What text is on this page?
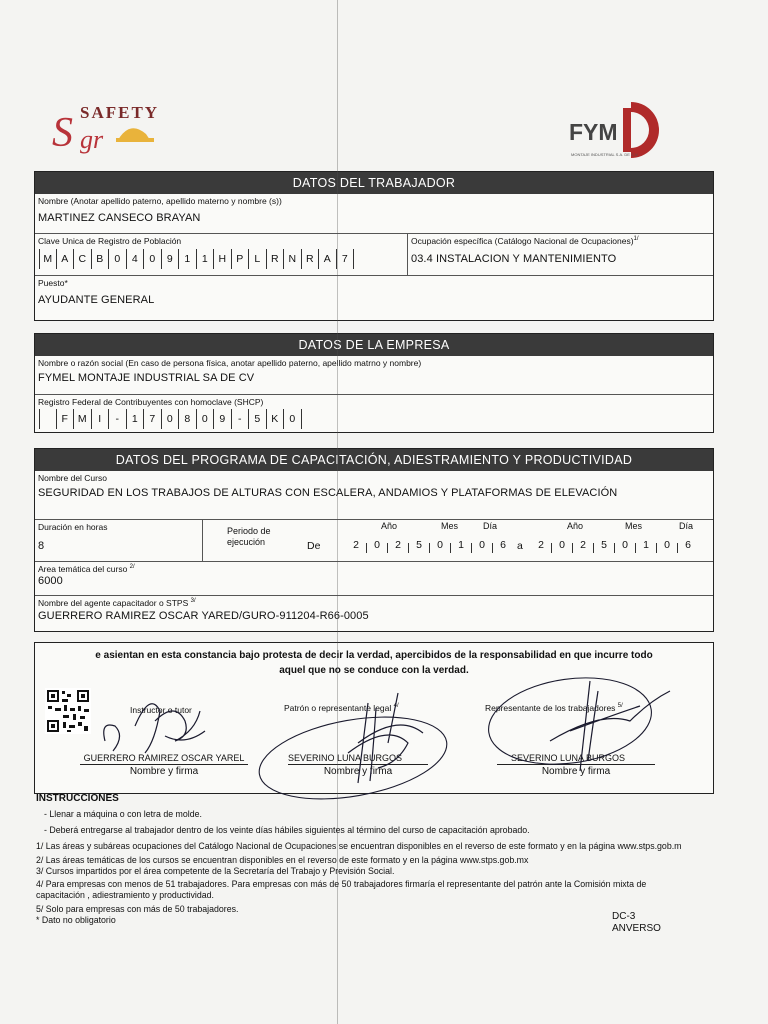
SAFETY
S gr	FYM
MONTAJE INDUSTRIAL S.A. DE C.V.
DATOS DEL TRABAJADOR
Nombre (Anotar apellido paterno, apellido materno y nombre (s))
MARTINEZ CANSECO BRAYAN
Clave Unica de Registro de Población
M A C B	0	4	0	9	1	1	H P	L	R N R A	7
Ocupación específica (Catálogo Nacional de Ocupaciones)$^{1/}$
03.4 INSTALACION Y MANTENIMIENTO
Puesto*
AYUDANTE GENERAL
DATOS DE LA EMPRESA
Nombre o razón social (En caso de persona física, anotar apellido paterno, apellido matrno y nombre)
FYMEL MONTAJE INDUSTRIAL SA DE CV
Registro Federal de Contribuyentes con homoclave (SHCP)
F M	I	-	1	7	0	8	0	9	-	5	K	0
DATOS DEL PROGRAMA DE CAPACITACIÓN, ADIESTRAMIENTO Y PRODUCTIVIDAD
Nombre del Curso
SEGURIDAD EN LOS TRABAJOS DE ALTURAS CON ESCALERA, ANDAMIOS Y PLATAFORMAS DE ELEVACIÓN
Duración en horas
8
Periodo de
ejecución	De
Año	Mes	Día
a
Año	Mes	Día
2	0	2	5	0	1	0	6	2	0	2	5	0	1	0	6
Area temática del curso $^{2/}$
6000
Nombre del agente capacitador o STPS $^{3/}$
GUERRERO RAMIREZ OSCAR YARED/GURO-911204-R66-0005
e asientan en esta constancia bajo protesta de decir la verdad, apercibidos de la responsabilidad en que incurre todo
aquel que no se conduce con la verdad.
Instructor o tutor	Patrón o representante legal $^{4/}$	Representante de los trabajadores $^{5/}$
GUERRERO RAMIREZ OSCAR YAREL	SEVERINO LUNA BURGOS	SEVERINO LUNA BURGOS
Nombre y firma	Nombre y firma	Nombre y firma
INSTRUCCIONES

- Llenar a máquina o con letra de molde.

- Deberá entregarse al trabajador dentro de los veinte días hábiles siguientes al término del curso de capacitación aprobado.

1/ Las áreas y subáreas ocupaciones del Catálogo Nacional de Ocupaciones se encuentran disponibles en el reverso de este formato y en la página www.stps.gob.m

2/ Las áreas temáticas de los cursos se encuentran disponibles en el reverso de este formato y en la página www.stps.gob.mx

3/ Cursos impartidos por el área competente de la Secretaría del Trabajo y Previsión Social.

4/ Para empresas con menos de 51 trabajadores. Para empresas con más de 50 trabajadores firmaría el representante del patrón ante la Comisión mixta de

capacitación , adiestramiento y productividad.

5/ Solo para empresas con más de 50 trabajadores.

* Dato no obligatorio	DC-3
ANVERSO
